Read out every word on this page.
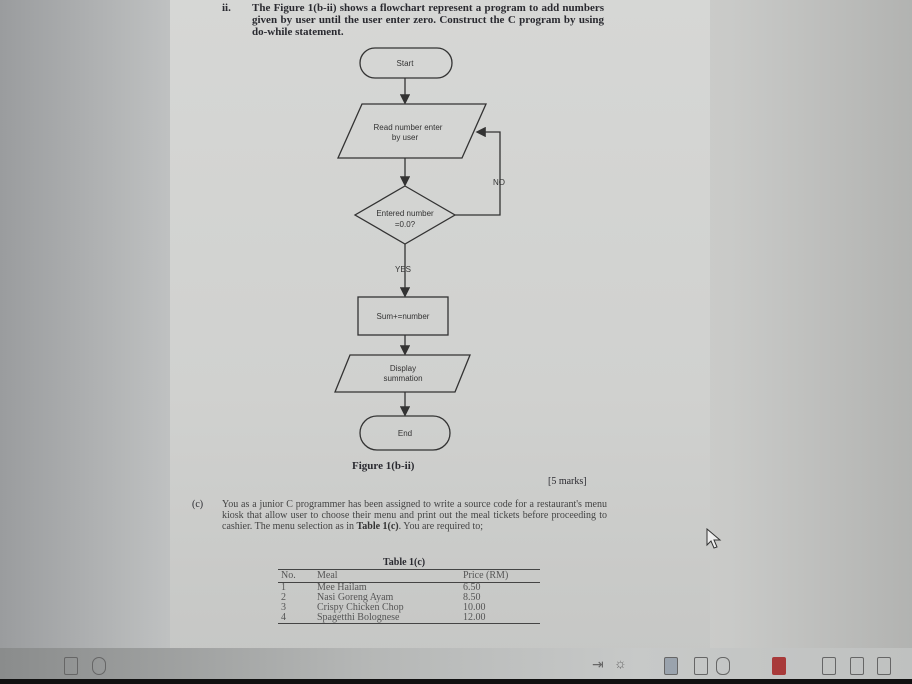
ii. The Figure 1(b-ii) shows a flowchart represent a program to add numbers given by user until the user enter zero. Construct the C program by using do-while statement.
Start
Read number enter
by user
Entered number
=0.0?
NO
YES
Sum+=number
Display
summation
End
Figure 1(b-ii)
[5 marks]
(c) You as a junior C programmer has been assigned to write a source code for a restaurant's menu kiosk that allow user to choose their menu and print out the meal tickets before proceeding to cashier. The menu selection as in Table 1(c). You are required to;
Table 1(c)
No.	Meal	Price (RM)
1	Mee Hailam	6.50
2	Nasi Goreng Ayam	8.50
3	Crispy Chicken Chop	10.00
4	Spagetthi Bolognese	12.00
⇥ ☼
